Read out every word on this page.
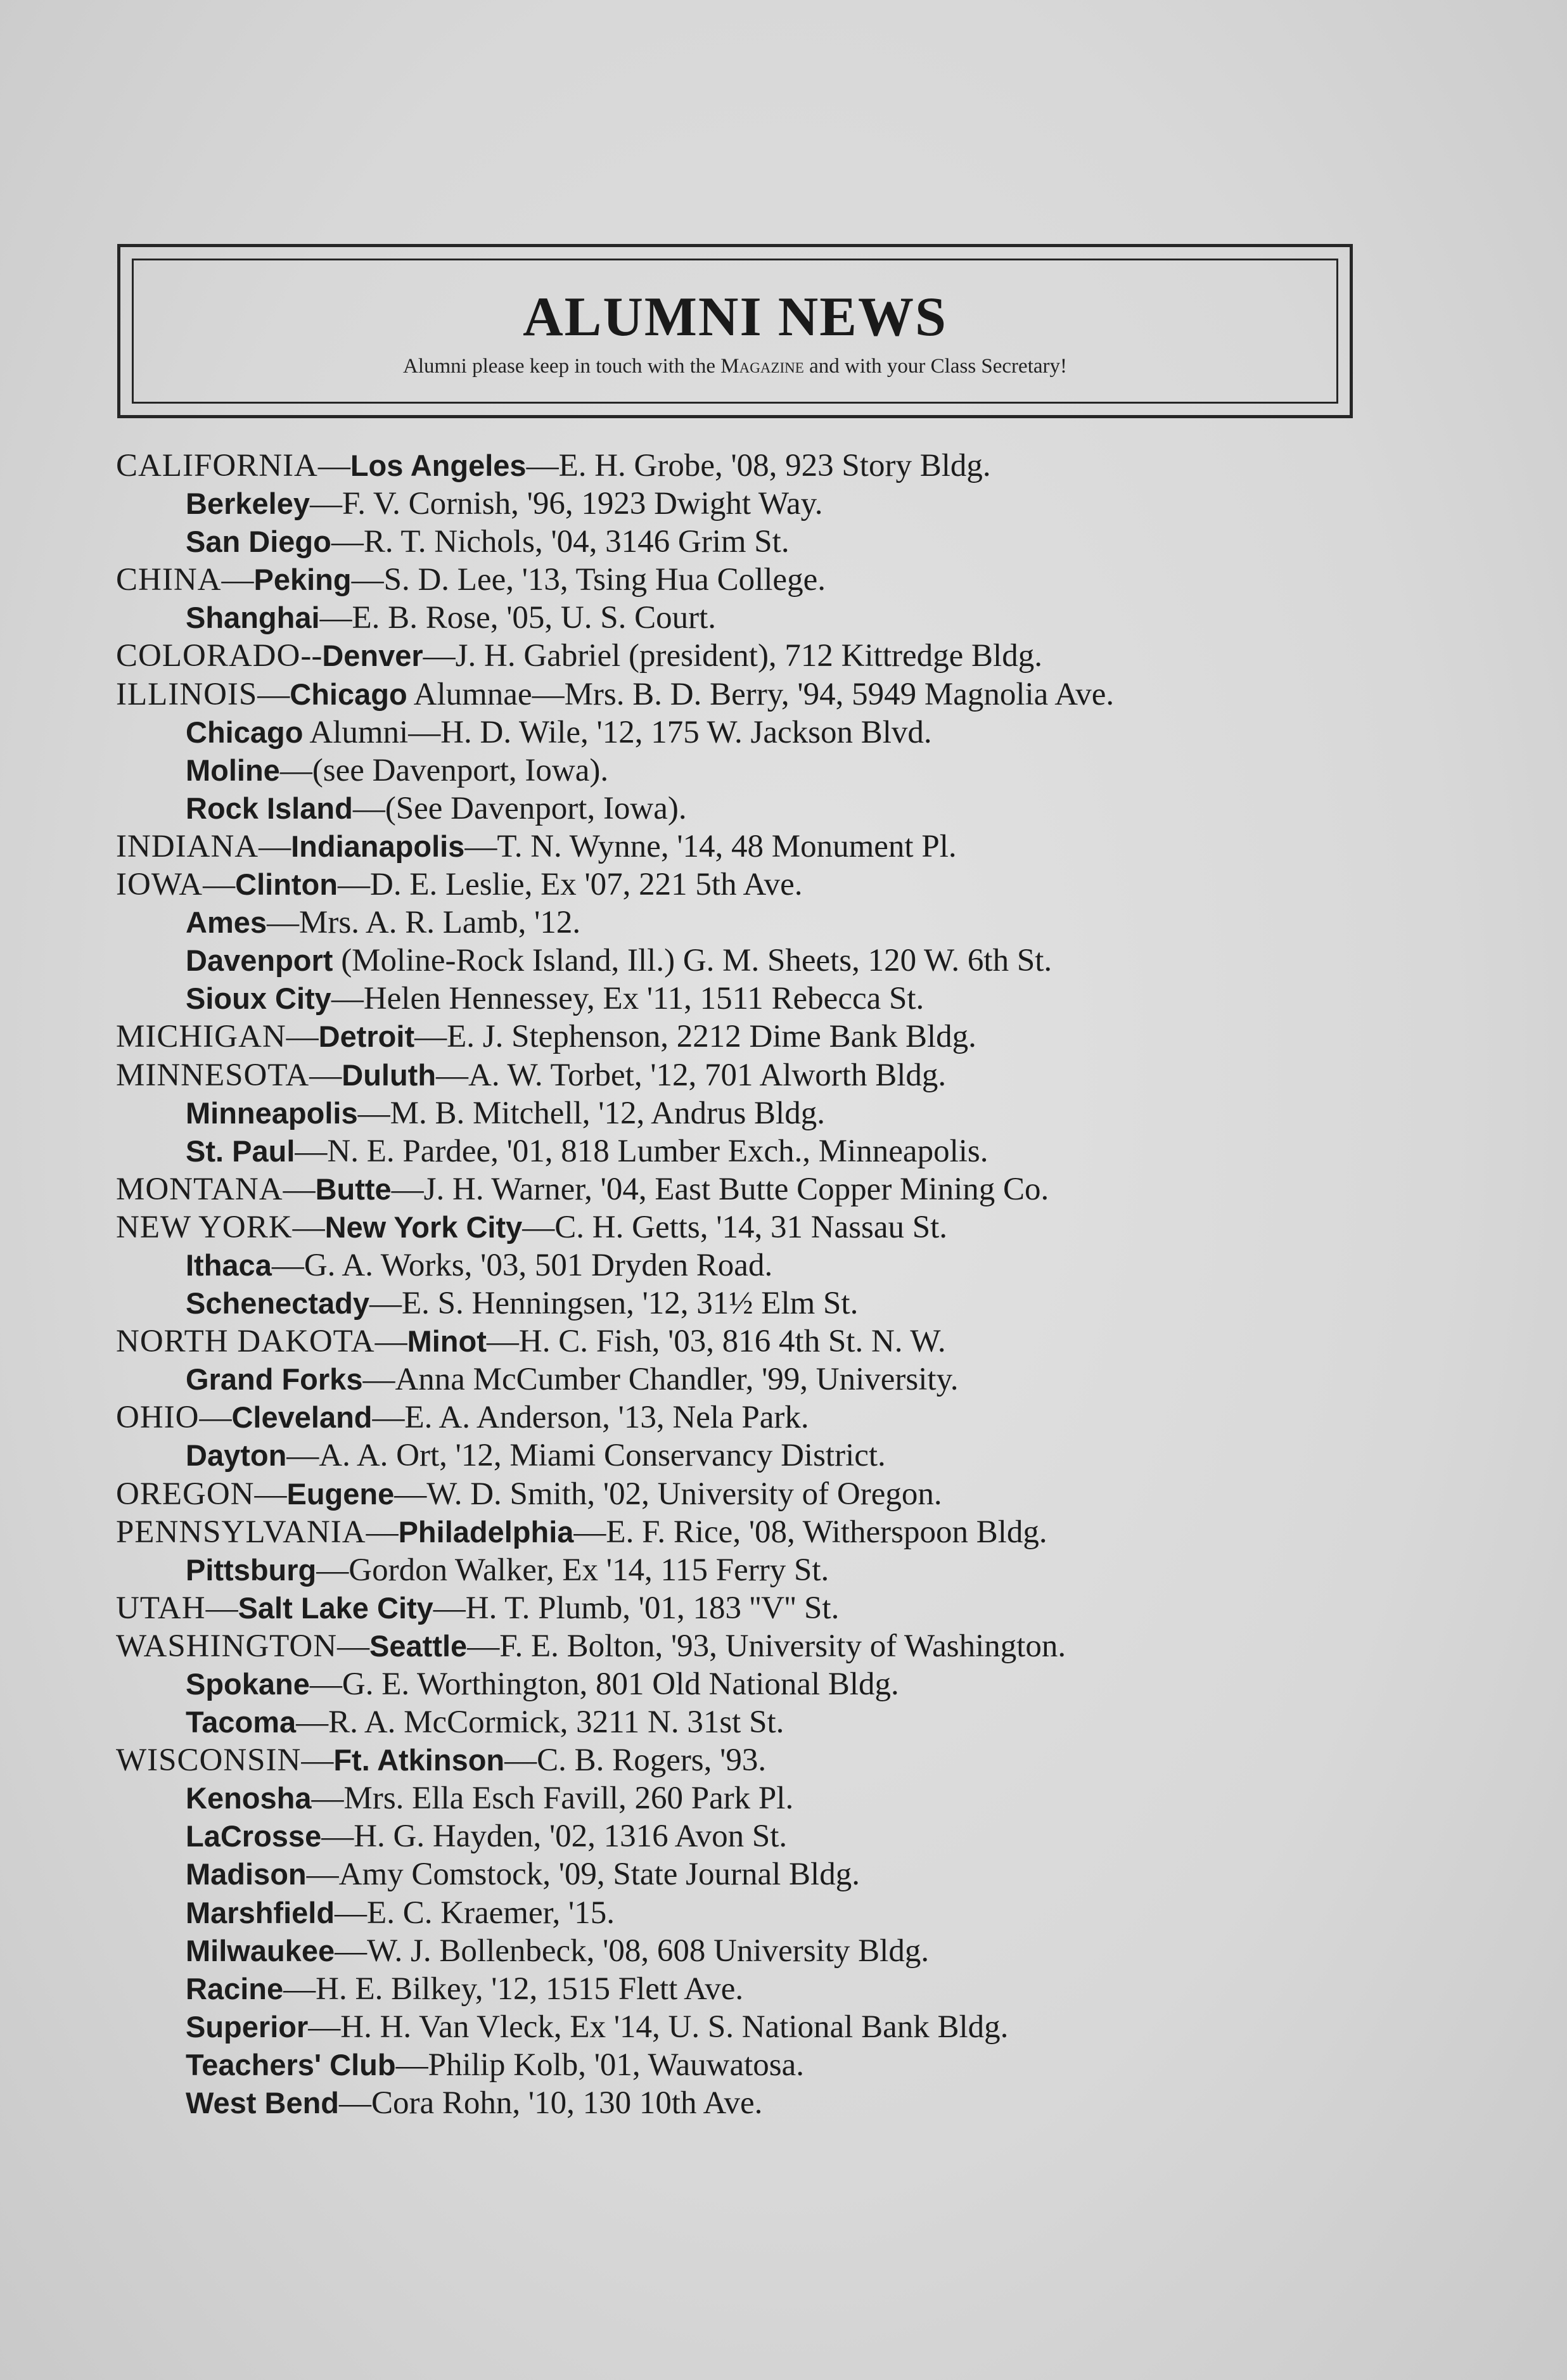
ALUMNI NEWS
Alumni please keep in touch with the Magazine and with your Class Secretary!
CALIFORNIA—Los Angeles—E. H. Grobe, '08, 923 Story Bldg.
Berkeley—F. V. Cornish, '96, 1923 Dwight Way.
San Diego—R. T. Nichols, '04, 3146 Grim St.
CHINA—Peking—S. D. Lee, '13, Tsing Hua College.
Shanghai—E. B. Rose, '05, U. S. Court.
COLORADO--Denver—J. H. Gabriel (president), 712 Kittredge Bldg.
ILLINOIS—Chicago Alumnae—Mrs. B. D. Berry, '94, 5949 Magnolia Ave.
Chicago Alumni—H. D. Wile, '12, 175 W. Jackson Blvd.
Moline—(see Davenport, Iowa).
Rock Island—(See Davenport, Iowa).
INDIANA—Indianapolis—T. N. Wynne, '14, 48 Monument Pl.
IOWA—Clinton—D. E. Leslie, Ex '07, 221 5th Ave.
Ames—Mrs. A. R. Lamb, '12.
Davenport (Moline-Rock Island, Ill.) G. M. Sheets, 120 W. 6th St.
Sioux City—Helen Hennessey, Ex '11, 1511 Rebecca St.
MICHIGAN—Detroit—E. J. Stephenson, 2212 Dime Bank Bldg.
MINNESOTA—Duluth—A. W. Torbet, '12, 701 Alworth Bldg.
Minneapolis—M. B. Mitchell, '12, Andrus Bldg.
St. Paul—N. E. Pardee, '01, 818 Lumber Exch., Minneapolis.
MONTANA—Butte—J. H. Warner, '04, East Butte Copper Mining Co.
NEW YORK—New York City—C. H. Getts, '14, 31 Nassau St.
Ithaca—G. A. Works, '03, 501 Dryden Road.
Schenectady—E. S. Henningsen, '12, 31½ Elm St.
NORTH DAKOTA—Minot—H. C. Fish, '03, 816 4th St. N. W.
Grand Forks—Anna McCumber Chandler, '99, University.
OHIO—Cleveland—E. A. Anderson, '13, Nela Park.
Dayton—A. A. Ort, '12, Miami Conservancy District.
OREGON—Eugene—W. D. Smith, '02, University of Oregon.
PENNSYLVANIA—Philadelphia—E. F. Rice, '08, Witherspoon Bldg.
Pittsburg—Gordon Walker, Ex '14, 115 Ferry St.
UTAH—Salt Lake City—H. T. Plumb, '01, 183 ''V'' St.
WASHINGTON—Seattle—F. E. Bolton, '93, University of Washington.
Spokane—G. E. Worthington, 801 Old National Bldg.
Tacoma—R. A. McCormick, 3211 N. 31st St.
WISCONSIN—Ft. Atkinson—C. B. Rogers, '93.
Kenosha—Mrs. Ella Esch Favill, 260 Park Pl.
LaCrosse—H. G. Hayden, '02, 1316 Avon St.
Madison—Amy Comstock, '09, State Journal Bldg.
Marshfield—E. C. Kraemer, '15.
Milwaukee—W. J. Bollenbeck, '08, 608 University Bldg.
Racine—H. E. Bilkey, '12, 1515 Flett Ave.
Superior—H. H. Van Vleck, Ex '14, U. S. National Bank Bldg.
Teachers' Club—Philip Kolb, '01, Wauwatosa.
West Bend—Cora Rohn, '10, 130 10th Ave.
